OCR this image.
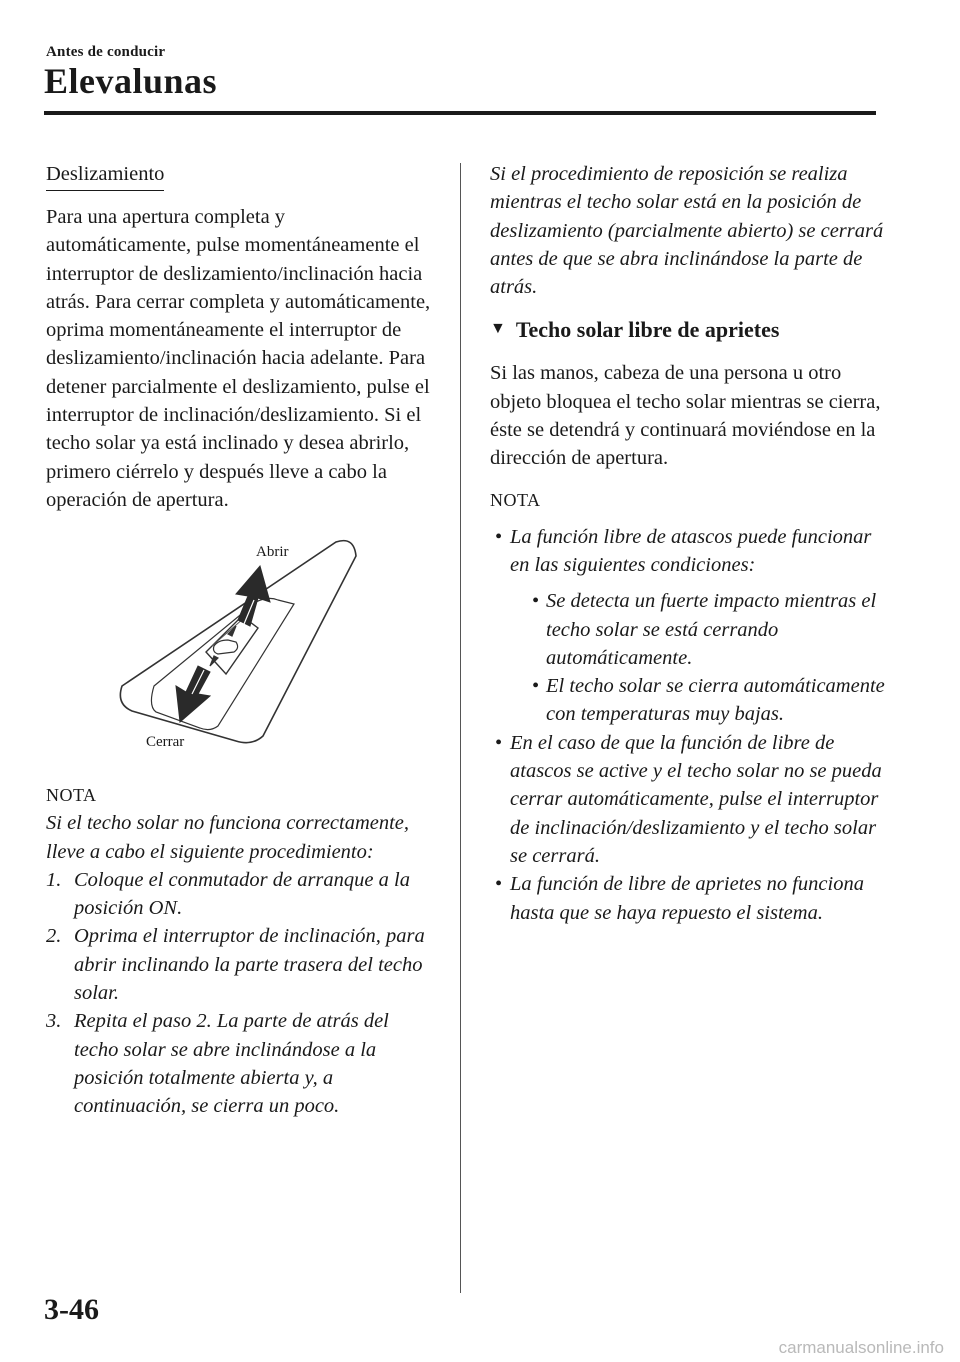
Antes de conducir
Elevalunas
Deslizamiento

Para una apertura completa y automáticamente, pulse momentáneamente el interruptor de deslizamiento/inclinación hacia atrás. Para cerrar completa y automáticamente, oprima momentáneamente el interruptor de deslizamiento/inclinación hacia adelante. Para detener parcialmente el deslizamiento, pulse el interruptor de inclinación/deslizamiento. Si el techo solar ya está inclinado y desea abrirlo, primero ciérrelo y después lleve a cabo la operación de apertura.

Abrir
Cerrar
NOTA

Si el techo solar no funciona correctamente, lleve a cabo el siguiente procedimiento:

1. Coloque el conmutador de arranque a la posición ON.
2. Oprima el interruptor de inclinación, para abrir inclinando la parte trasera del techo solar.
3. Repita el paso 2. La parte de atrás del techo solar se abre inclinándose a la posición totalmente abierta y, a continuación, se cierra un poco.

Si el procedimiento de reposición se realiza mientras el techo solar está en la posición de deslizamiento (parcialmente abierto) se cerrará antes de que se abra inclinándose la parte de atrás.

▼ Techo solar libre de aprietes

Si las manos, cabeza de una persona u otro objeto bloquea el techo solar mientras se cierra, éste se detendrá y continuará moviéndose en la dirección de apertura.

NOTA
• La función libre de atascos puede funcionar en las siguientes condiciones:
• Se detecta un fuerte impacto mientras el techo solar se está cerrando automáticamente.
• El techo solar se cierra automáticamente con temperaturas muy bajas.
• En el caso de que la función de libre de atascos se active y el techo solar no se pueda cerrar automáticamente, pulse el interruptor de inclinación/deslizamiento y el techo solar se cerrará.
• La función de libre de aprietes no funciona hasta que se haya repuesto el sistema.
3-46
carmanualsonline.info
